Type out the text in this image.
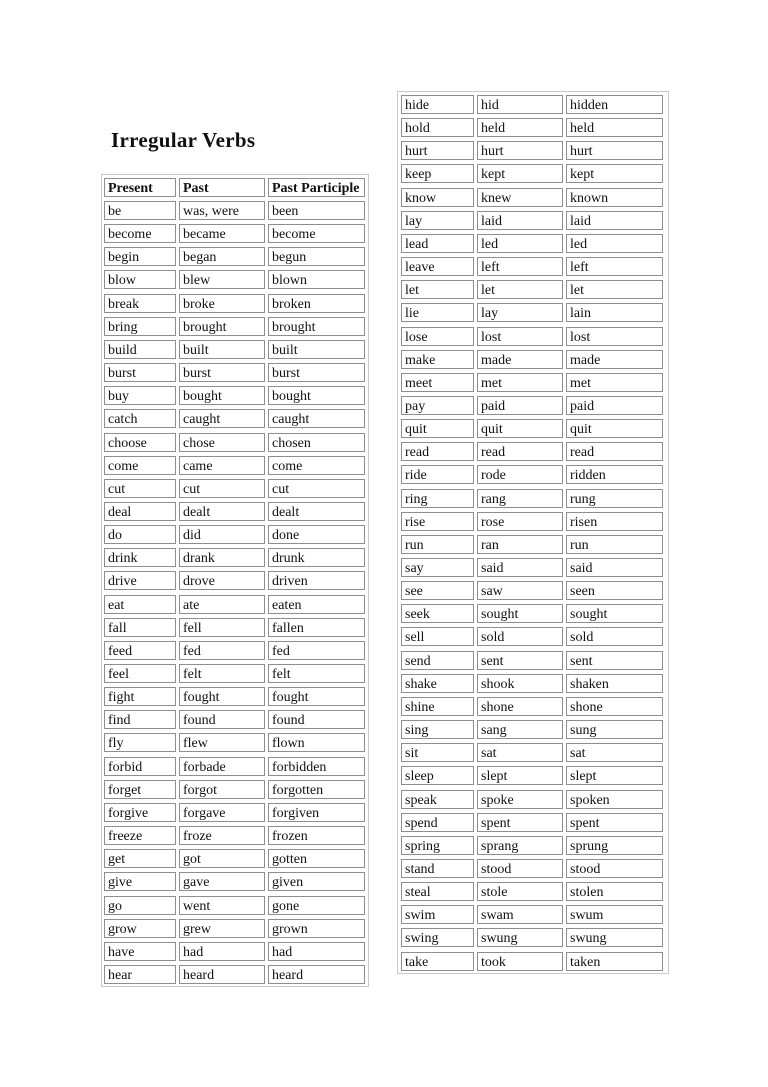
Irregular Verbs
Present	Past	Past Participle
be	was, were	been
become	became	become
begin	began	begun
blow	blew	blown
break	broke	broken
bring	brought	brought
build	built	built
burst	burst	burst
buy	bought	bought
catch	caught	caught
choose	chose	chosen
come	came	come
cut	cut	cut
deal	dealt	dealt
do	did	done
drink	drank	drunk
drive	drove	driven
eat	ate	eaten
fall	fell	fallen
feed	fed	fed
feel	felt	felt
fight	fought	fought
find	found	found
fly	flew	flown
forbid	forbade	forbidden
forget	forgot	forgotten
forgive	forgave	forgiven
freeze	froze	frozen
get	got	gotten
give	gave	given
go	went	gone
grow	grew	grown
have	had	had
hear	heard	heard
hide	hid	hidden
hold	held	held
hurt	hurt	hurt
keep	kept	kept
know	knew	known
lay	laid	laid
lead	led	led
leave	left	left
let	let	let
lie	lay	lain
lose	lost	lost
make	made	made
meet	met	met
pay	paid	paid
quit	quit	quit
read	read	read
ride	rode	ridden
ring	rang	rung
rise	rose	risen
run	ran	run
say	said	said
see	saw	seen
seek	sought	sought
sell	sold	sold
send	sent	sent
shake	shook	shaken
shine	shone	shone
sing	sang	sung
sit	sat	sat
sleep	slept	slept
speak	spoke	spoken
spend	spent	spent
spring	sprang	sprung
stand	stood	stood
steal	stole	stolen
swim	swam	swum
swing	swung	swung
take	took	taken
